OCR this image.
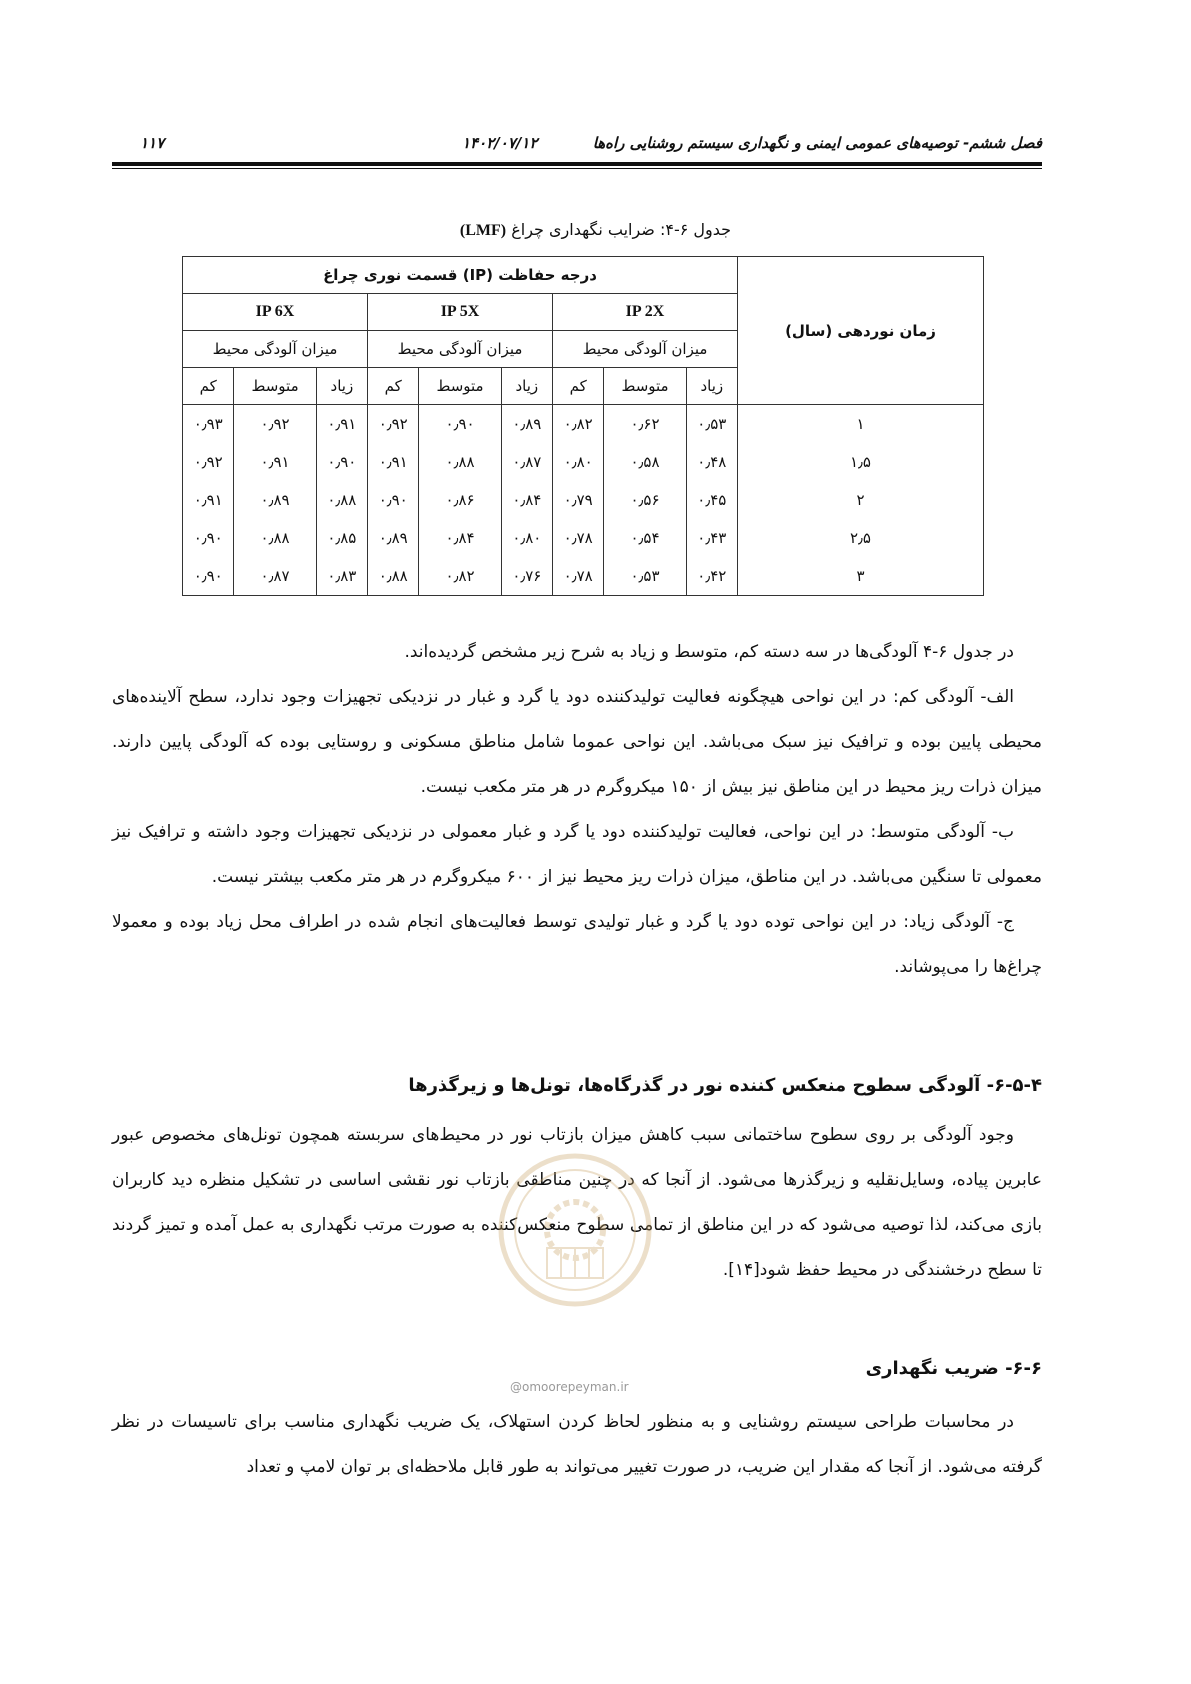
فصل ششم- توصیه‌های عمومی ایمنی و نگهداری سیستم روشنایی راه‌ها
۱۴۰۲/۰۷/۱۲
۱۱۷
جدول ۶-۴: ضرایب نگهداری چراغ (LMF)
زمان نوردهی (سال)	درجه حفاظت (IP) قسمت نوری چراغ								
	IP 2X			IP 5X			IP 6X		
	میزان آلودگی محیط			میزان آلودگی محیط			میزان آلودگی محیط		
	زیاد	متوسط	کم	زیاد	متوسط	کم	زیاد	متوسط	کم
۱	۰٫۵۳	۰٫۶۲	۰٫۸۲	۰٫۸۹	۰٫۹۰	۰٫۹۲	۰٫۹۱	۰٫۹۲	۰٫۹۳
۱٫۵	۰٫۴۸	۰٫۵۸	۰٫۸۰	۰٫۸۷	۰٫۸۸	۰٫۹۱	۰٫۹۰	۰٫۹۱	۰٫۹۲
۲	۰٫۴۵	۰٫۵۶	۰٫۷۹	۰٫۸۴	۰٫۸۶	۰٫۹۰	۰٫۸۸	۰٫۸۹	۰٫۹۱
۲٫۵	۰٫۴۳	۰٫۵۴	۰٫۷۸	۰٫۸۰	۰٫۸۴	۰٫۸۹	۰٫۸۵	۰٫۸۸	۰٫۹۰
۳	۰٫۴۲	۰٫۵۳	۰٫۷۸	۰٫۷۶	۰٫۸۲	۰٫۸۸	۰٫۸۳	۰٫۸۷	۰٫۹۰

در جدول ۶-۴ آلودگی‌ها در سه دسته کم، متوسط و زیاد به شرح زیر مشخص گردیده‌اند.

الف- آلودگی کم: در این نواحی هیچگونه فعالیت تولیدکننده دود یا گرد و غبار در نزدیکی تجهیزات وجود ندارد، سطح آلاینده‌های محیطی پایین بوده و ترافیک نیز سبک می‌باشد. این نواحی عموما شامل مناطق مسکونی و روستایی بوده که آلودگی پایین دارند. میزان ذرات ریز محیط در این مناطق نیز بیش از ۱۵۰ میکروگرم در هر متر مکعب نیست.

ب- آلودگی متوسط: در این نواحی، فعالیت تولیدکننده دود یا گرد و غبار معمولی در نزدیکی تجهیزات وجود داشته و ترافیک نیز معمولی تا سنگین می‌باشد. در این مناطق، میزان ذرات ریز محیط نیز از ۶۰۰ میکروگرم در هر متر مکعب بیشتر نیست.

ج- آلودگی زیاد: در این نواحی توده دود یا گرد و غبار تولیدی توسط فعالیت‌های انجام شده در اطراف محل زیاد بوده و معمولا چراغ‌ها را می‌پوشاند.

۶-۵-۴- آلودگی سطوح منعکس کننده نور در گذرگاه‌ها، تونل‌ها و زیرگذرها

وجود آلودگی بر روی سطوح ساختمانی سبب کاهش میزان بازتاب نور در محیط‌های سربسته همچون تونل‌های مخصوص عبور عابرین پیاده، وسایل‌نقلیه و زیرگذرها می‌شود. از آنجا که در چنین مناطقی بازتاب نور نقشی اساسی در تشکیل منظره دید کاربران بازی می‌کند، لذا توصیه می‌شود که در این مناطق از تمامی سطوح منعکس‌کننده به صورت مرتب نگهداری به عمل آمده و تمیز گردند تا سطح درخشندگی در محیط حفظ شود[۱۴].

@omoorepeyman.ir
۶-۶- ضریب نگهداری

در محاسبات طراحی سیستم روشنایی و به منظور لحاظ کردن استهلاک، یک ضریب نگهداری مناسب برای تاسیسات در نظر گرفته می‌شود. از آنجا که مقدار این ضریب، در صورت تغییر می‌تواند به طور قابل ملاحظه‌ای بر توان لامپ و تعداد
